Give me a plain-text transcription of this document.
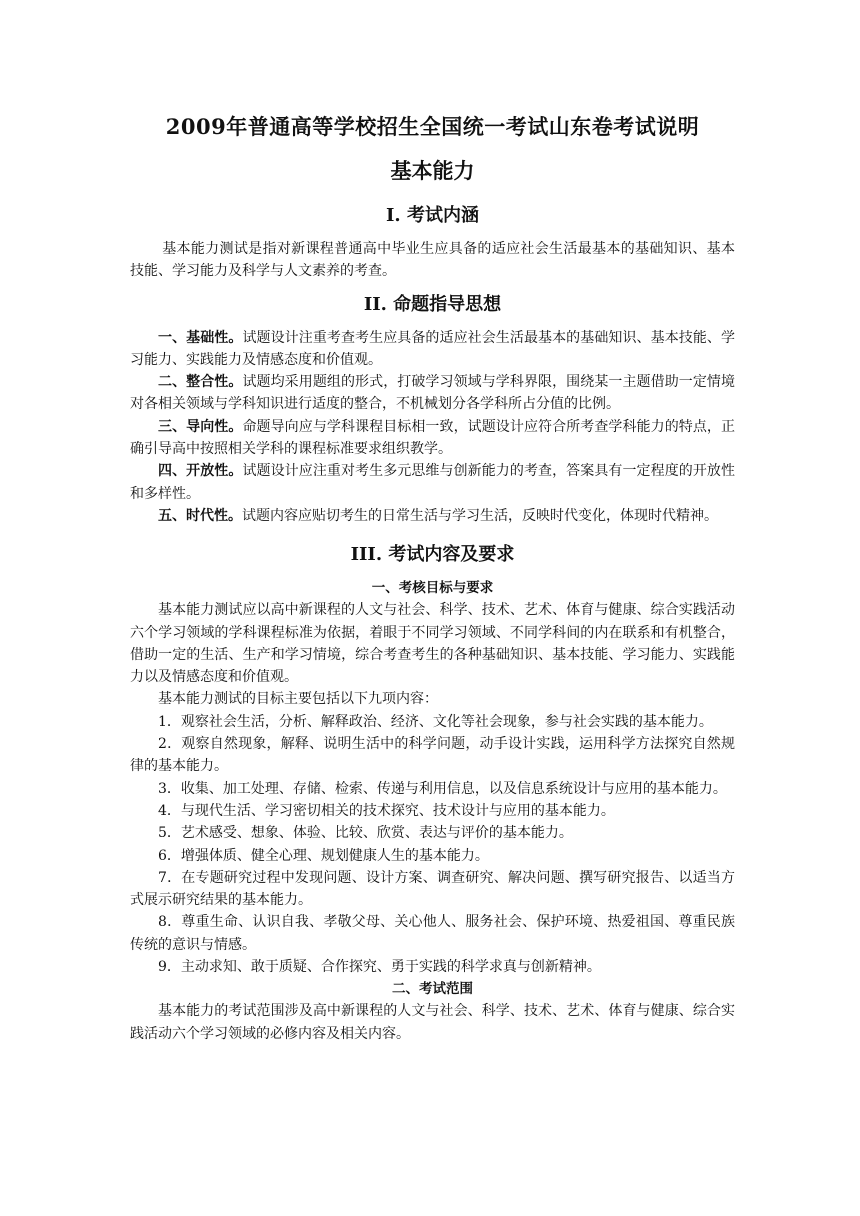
2009年普通高等学校招生全国统一考试山东卷考试说明
基本能力
I. 考试内涵

基本能力测试是指对新课程普通高中毕业生应具备的适应社会生活最基本的基础知识、基本技能、学习能力及科学与人文素养的考查。

II. 命题指导思想

一、基础性。试题设计注重考查考生应具备的适应社会生活最基本的基础知识、基本技能、学习能力、实践能力及情感态度和价值观。

二、整合性。试题均采用题组的形式，打破学习领域与学科界限，围绕某一主题借助一定情境对各相关领域与学科知识进行适度的整合，不机械划分各学科所占分值的比例。

三、导向性。命题导向应与学科课程目标相一致，试题设计应符合所考查学科能力的特点，正确引导高中按照相关学科的课程标准要求组织教学。

四、开放性。试题设计应注重对考生多元思维与创新能力的考查，答案具有一定程度的开放性和多样性。

五、时代性。试题内容应贴切考生的日常生活与学习生活，反映时代变化，体现时代精神。

III. 考试内容及要求
一、考核目标与要求

基本能力测试应以高中新课程的人文与社会、科学、技术、艺术、体育与健康、综合实践活动六个学习领域的学科课程标准为依据，着眼于不同学习领域、不同学科间的内在联系和有机整合，借助一定的生活、生产和学习情境，综合考查考生的各种基础知识、基本技能、学习能力、实践能力以及情感态度和价值观。

基本能力测试的目标主要包括以下九项内容：

1．观察社会生活，分析、解释政治、经济、文化等社会现象，参与社会实践的基本能力。

2．观察自然现象，解释、说明生活中的科学问题，动手设计实践，运用科学方法探究自然规律的基本能力。

3．收集、加工处理、存储、检索、传递与利用信息，以及信息系统设计与应用的基本能力。

4．与现代生活、学习密切相关的技术探究、技术设计与应用的基本能力。

5．艺术感受、想象、体验、比较、欣赏、表达与评价的基本能力。

6．增强体质、健全心理、规划健康人生的基本能力。

7．在专题研究过程中发现问题、设计方案、调查研究、解决问题、撰写研究报告、以适当方式展示研究结果的基本能力。

8．尊重生命、认识自我、孝敬父母、关心他人、服务社会、保护环境、热爱祖国、尊重民族传统的意识与情感。

9．主动求知、敢于质疑、合作探究、勇于实践的科学求真与创新精神。

二、考试范围

基本能力的考试范围涉及高中新课程的人文与社会、科学、技术、艺术、体育与健康、综合实践活动六个学习领域的必修内容及相关内容。
